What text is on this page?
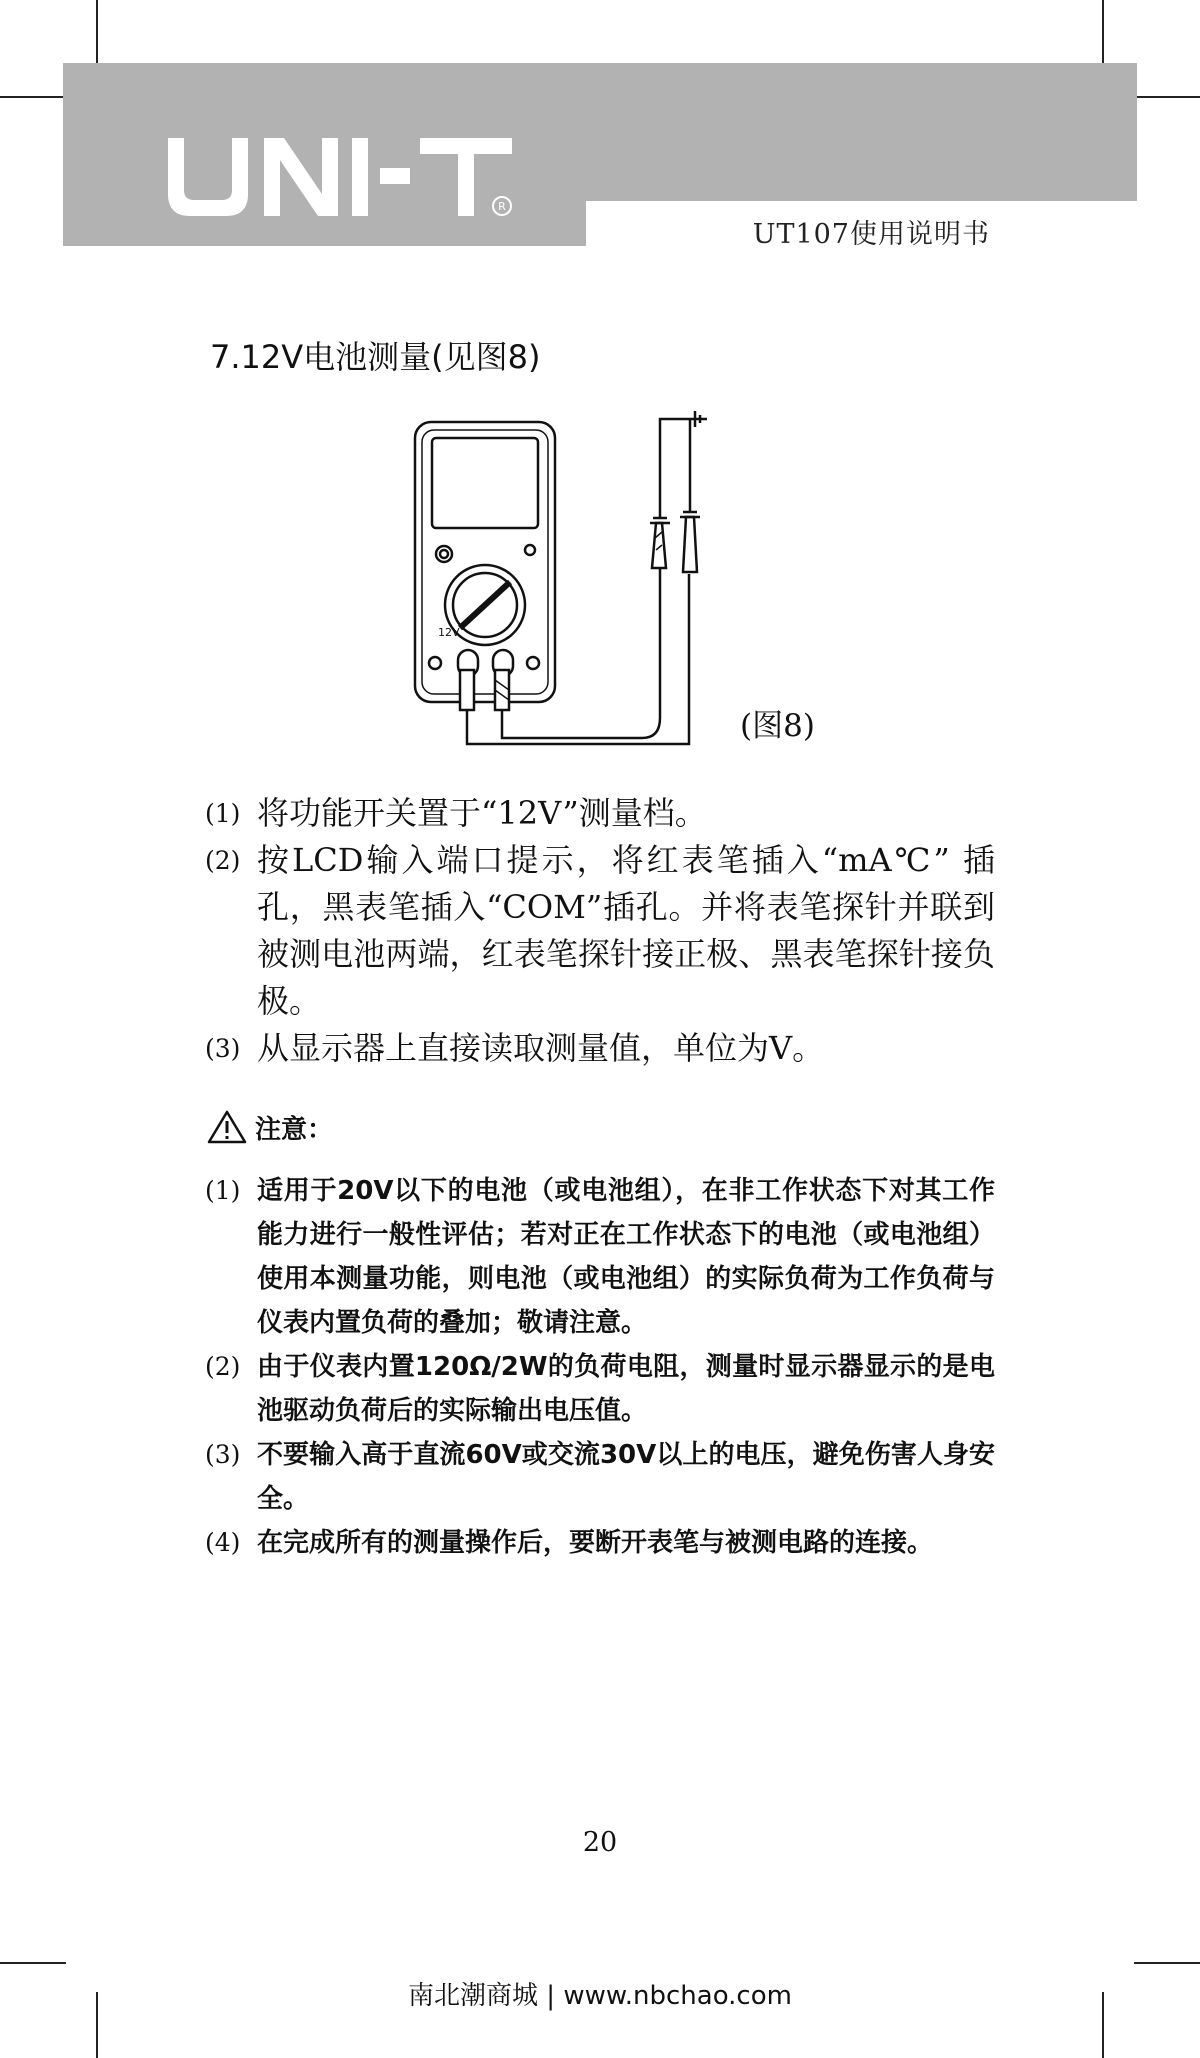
R
UT107使用说明书
7.12V电池测量(见图8)
12V
(图8)
(1) 将功能开关置于“12V”测量档。
(2) 按LCD输入端口提示，将红表笔插入“mA℃” 插孔，黑表笔插入“COM”插孔。并将表笔探针并联到被测电池两端，红表笔探针接正极、黑表笔探针接负极。
(3) 从显示器上直接读取测量值，单位为V。
注意：
(1) 适用于20V以下的电池（或电池组），在非工作状态下对其工作能力进行一般性评估；若对正在工作状态下的电池（或电池组）使用本测量功能，则电池（或电池组）的实际负荷为工作负荷与仪表内置负荷的叠加；敬请注意。
(2) 由于仪表内置120Ω/2W的负荷电阻，测量时显示器显示的是电池驱动负荷后的实际输出电压值。
(3) 不要输入高于直流60V或交流30V以上的电压，避免伤害人身安全。
(4) 在完成所有的测量操作后，要断开表笔与被测电路的连接。
20
南北潮商城 | www.nbchao.com
